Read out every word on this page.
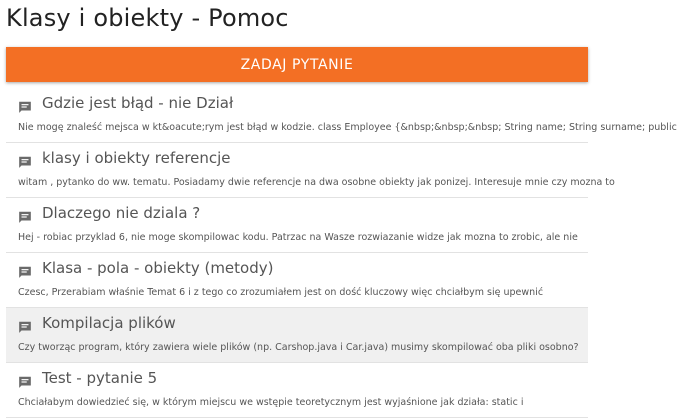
Klasy i obiekty - Pomoc
ZADAJ PYTANIE
Gdzie jest błąd - nie Dział
Nie mogę znaleść mejsca w kt&oacute;rym jest błąd w kodzie. class Employee {&nbsp;&nbsp;&nbsp; String name; String surname; public
klasy i obiekty referencje
witam , pytanko do ww. tematu. Posiadamy dwie referencje na dwa osobne obiekty jak ponizej. Interesuje mnie czy mozna to
Dlaczego nie dziala ?
Hej - robiac przyklad 6, nie moge skompilowac kodu. Patrzac na Wasze rozwiazanie widze jak mozna to zrobic, ale nie
Klasa - pola - obiekty (metody)
Czesc, Przerabiam właśnie Temat 6 i z tego co zrozumiałem jest on dość kluczowy więc chciałbym się upewnić
Kompilacja plików
Czy tworząc program, który zawiera wiele plików (np. Carshop.java i Car.java) musimy skompilować oba pliki osobno?
Test - pytanie 5
Chciałabym dowiedzieć się, w którym miejscu we wstępie teoretycznym jest wyjaśnione jak działa: static i
